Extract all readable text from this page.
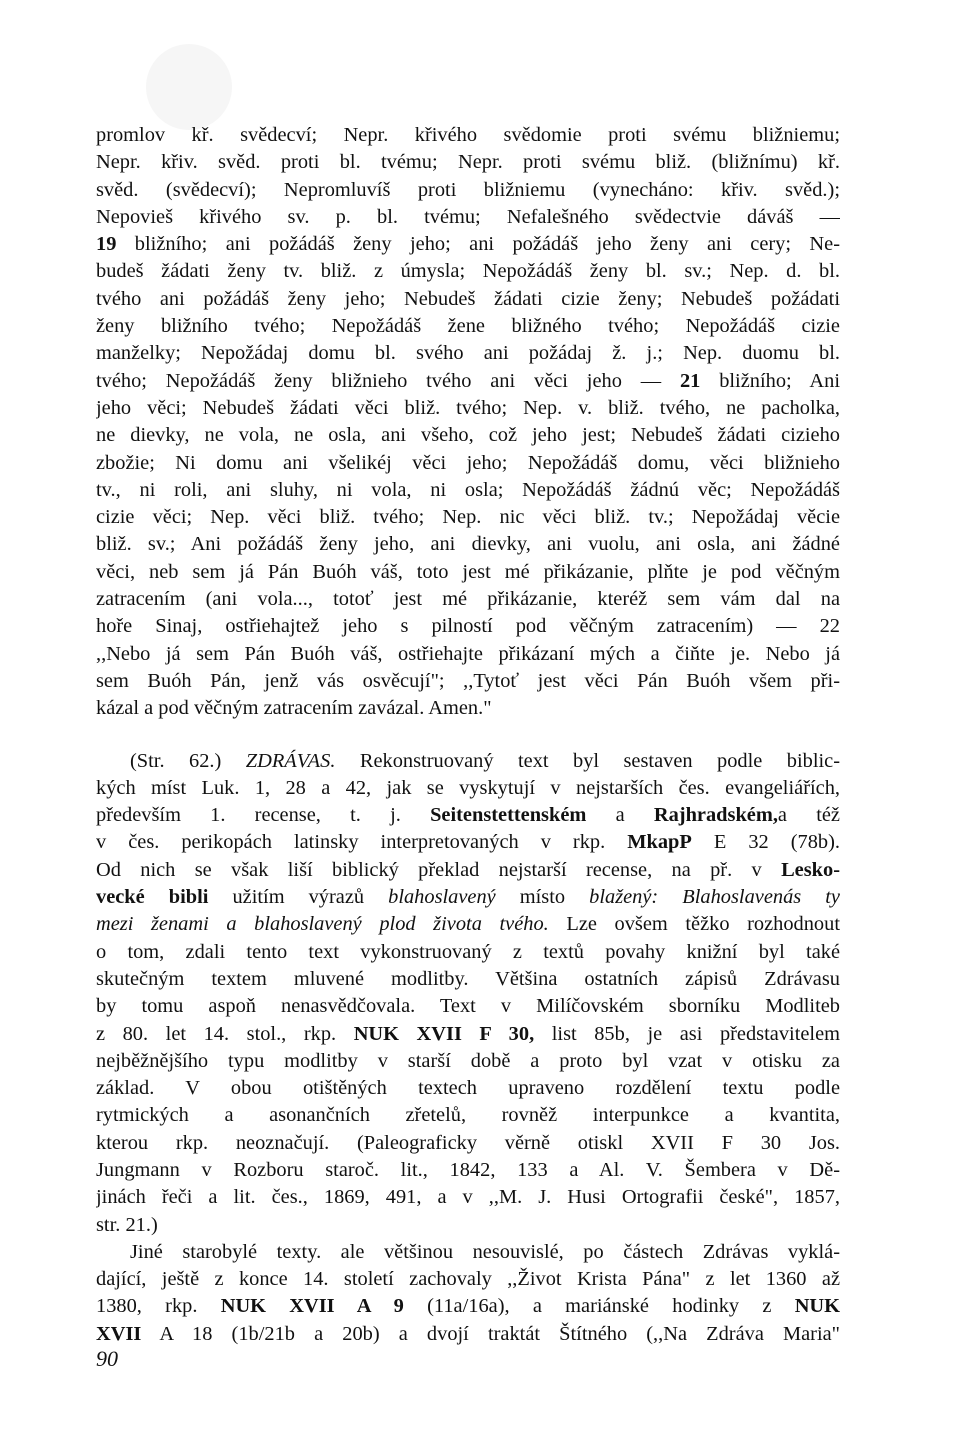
promlov kř. svědecví; Nepr. křivého svědomie proti svému bližniemu;
Nepr. křiv. svěd. proti bl. tvému; Nepr. proti svému bliž. (bližnímu) kř.
svěd. (svědecví); Nepromluvíš proti bližniemu (vynecháno: křiv. svěd.);
Nepovieš křivého sv. p. bl. tvému; Nefalešného svědectvie dáváš —
19 bližního; ani požádáš ženy jeho; ani požádáš jeho ženy ani cery; Ne-
budeš žádati ženy tv. bliž. z úmysla; Nepožádáš ženy bl. sv.; Nep. d. bl.
tvého ani požádáš ženy jeho; Nebudeš žádati cizie ženy; Nebudeš požádati
ženy bližního tvého; Nepožádáš žene bližného tvého; Nepožádáš cizie
manželky; Nepožádaj domu bl. svého ani požádaj ž. j.; Nep. duomu bl.
tvého; Nepožádáš ženy bližnieho tvého ani věci jeho — 21 bližního; Ani
jeho věci; Nebudeš žádati věci bliž. tvého; Nep. v. bliž. tvého, ne pacholka,
ne dievky, ne vola, ne osla, ani všeho, což jeho jest; Nebudeš žádati cizieho
zbožie; Ni domu ani všelikéj věci jeho; Nepožádáš domu, věci bližnieho
tv., ni roli, ani sluhy, ni vola, ni osla; Nepožádáš žádnú věc; Nepožádáš
cizie věci; Nep. věci bliž. tvého; Nep. nic věci bliž. tv.; Nepožádaj věcie
bliž. sv.; Ani požádáš ženy jeho, ani dievky, ani vuolu, ani osla, ani žádné
věci, neb sem já Pán Buóh váš, toto jest mé přikázanie, plňte je pod věčným
zatracením (ani vola..., totoť jest mé přikázanie, kteréž sem vám dal na
hoře Sinaj, ostřiehajtež jeho s pilností pod věčným zatracením) — 22
,,Nebo já sem Pán Buóh váš, ostřiehajte přikázaní mých a čiňte je. Nebo já
sem Buóh Pán, jenž vás osvěcují"; ,,Tytoť jest věci Pán Buóh všem při-
kázal a pod věčným zatracením zavázal. Amen."
(Str. 62.) ZDRÁVAS. Rekonstruovaný text byl sestaven podle biblic-
kých míst Luk. 1, 28 a 42, jak se vyskytují v nejstarších čes. evangeliářích,
především 1. recense, t. j. Seitenstettenském a Rajhradském,a též
v čes. perikopách latinsky interpretovaných v rkp. MkapP E 32 (78b).
Od nich se však liší biblický překlad nejstarší recense, na př. v Lesko-
vecké bibli užitím výrazů blahoslavený místo blažený: Blahoslavenás ty
mezi ženami a blahoslavený plod života tvého. Lze ovšem těžko rozhodnout
o tom, zdali tento text vykonstruovaný z textů povahy knižní byl také
skutečným textem mluvené modlitby. Většina ostatních zápisů Zdrávasu
by tomu aspoň nenasvědčovala. Text v Milíčovském sborníku Modliteb
z 80. let 14. stol., rkp. NUK XVII F 30, list 85b, je asi představitelem
nejběžnějšího typu modlitby v starší době a proto byl vzat v otisku za
základ. V obou otištěných textech upraveno rozdělení textu podle
rytmických a asonančních zřetelů, rovněž interpunkce a kvantita,
kterou rkp. neoznačují. (Paleograficky věrně otiskl XVII F 30 Jos.
Jungmann v Rozboru staroč. lit., 1842, 133 a Al. V. Šembera v Dě-
jinách řeči a lit. čes., 1869, 491, a v ,,M. J. Husi Ortografii české", 1857,
str. 21.)
Jiné starobylé texty. ale většinou nesouvislé, po částech Zdrávas vyklá-
dající, ještě z konce 14. století zachovaly ,,Život Krista Pána" z let 1360 až
1380, rkp. NUK XVII A 9 (11a/16a), a mariánské hodinky z NUK
XVII A 18 (1b/21b a 20b) a dvojí traktát Štítného (,,Na Zdráva Maria"
90
